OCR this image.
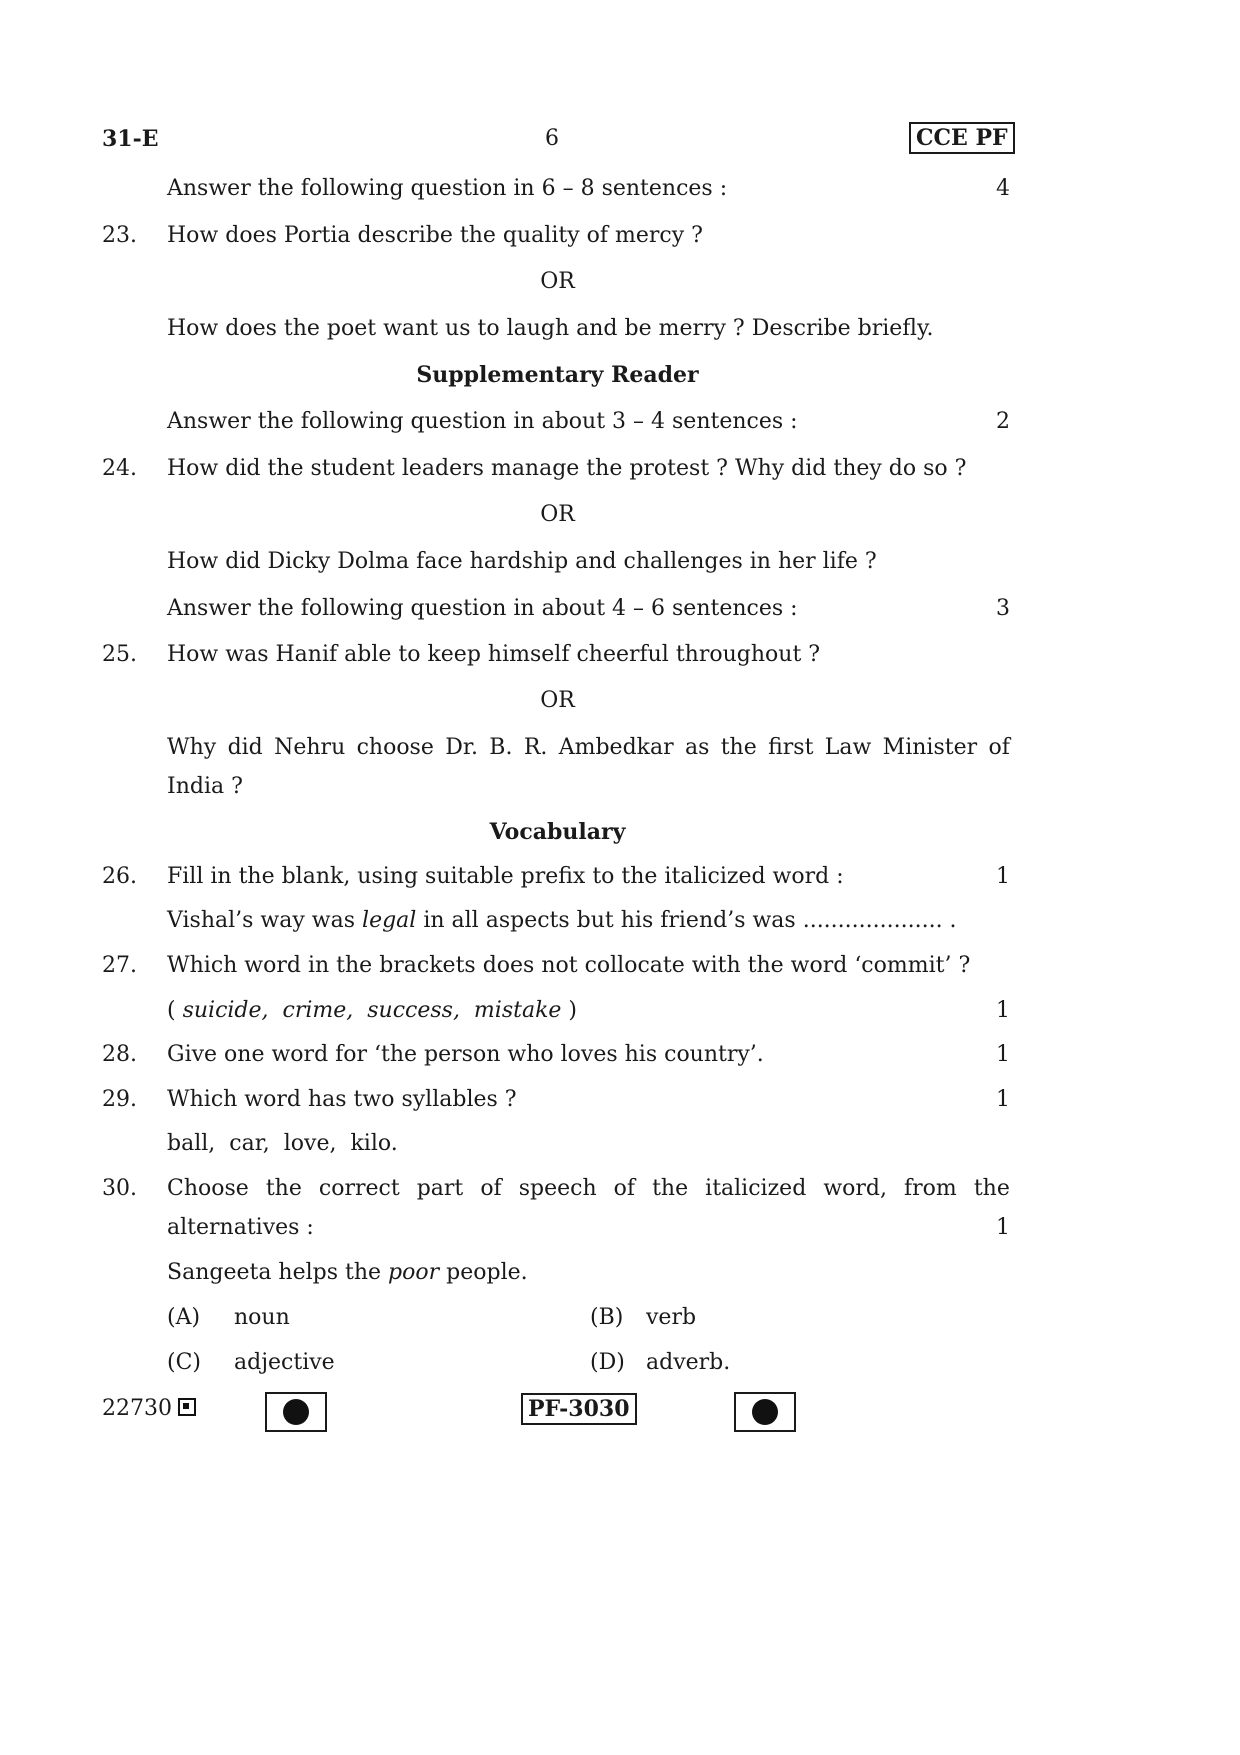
31-E	6	CCE PF
Answer the following question in 6 – 8 sentences :	4
23. How does Portia describe the quality of mercy ?
OR
How does the poet want us to laugh and be merry ? Describe briefly.
Supplementary Reader
Answer the following question in about 3 – 4 sentences :	2
24. How did the student leaders manage the protest ? Why did they do so ?
OR
How did Dicky Dolma face hardship and challenges in her life ?
Answer the following question in about 4 – 6 sentences :	3
25. How was Hanif able to keep himself cheerful throughout ?
OR
Why did Nehru choose Dr. B. R. Ambedkar as the first Law Minister of
India ?
Vocabulary
26. Fill in the blank, using suitable prefix to the italicized word :	1
Vishal’s way was legal in all aspects but his friend’s was .................... .
27. Which word in the brackets does not collocate with the word ‘commit’ ?
( suicide,  crime,  success,  mistake )	1
28. Give one word for ‘the person who loves his country’.	1
29. Which word has two syllables ?	1
ball,  car,  love,  kilo.
30. Choose the correct part of speech of the italicized word, from the
alternatives :	1
Sangeeta helps the poor people.
(A) noun	(B) verb
(C) adjective	(D) adverb.
22730	PF-3030
